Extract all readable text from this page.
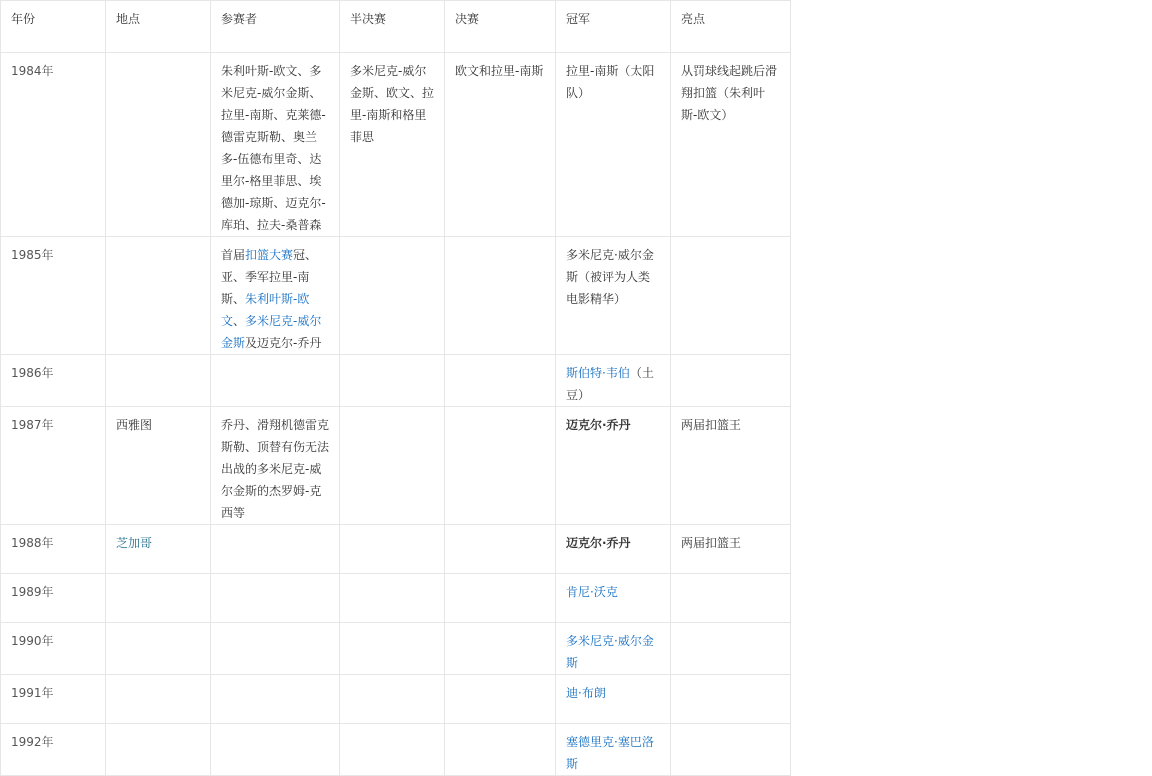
年份	地点	参赛者	半决赛	决赛	冠军	亮点
1984年		朱利叶斯-欧文、多米尼克-威尔金斯、拉里-南斯、克莱德-德雷克斯勒、奥兰多-伍德布里奇、达里尔-格里菲思、埃德加-琼斯、迈克尔-库珀、拉夫-桑普森	多米尼克-威尔金斯、欧文、拉里-南斯和格里菲思	欧文和拉里-南斯	拉里-南斯（太阳队）	从罚球线起跳后滑翔扣篮（朱利叶斯-欧文）
1985年		首届扣篮大赛冠、亚、季军拉里-南斯、朱利叶斯-欧文、多米尼克-威尔金斯及迈克尔-乔丹			多米尼克·威尔金斯（被评为人类电影精华）	
1986年					斯伯特·韦伯（土豆）	
1987年	西雅图	乔丹、滑翔机德雷克斯勒、顶替有伤无法出战的多米尼克-威尔金斯的杰罗姆-克西等			迈克尔·乔丹	两届扣篮王
1988年	芝加哥				迈克尔·乔丹	两届扣篮王
1989年					肯尼·沃克	
1990年					多米尼克·威尔金斯	
1991年					迪·布朗	
1992年					塞德里克·塞巴洛斯	
